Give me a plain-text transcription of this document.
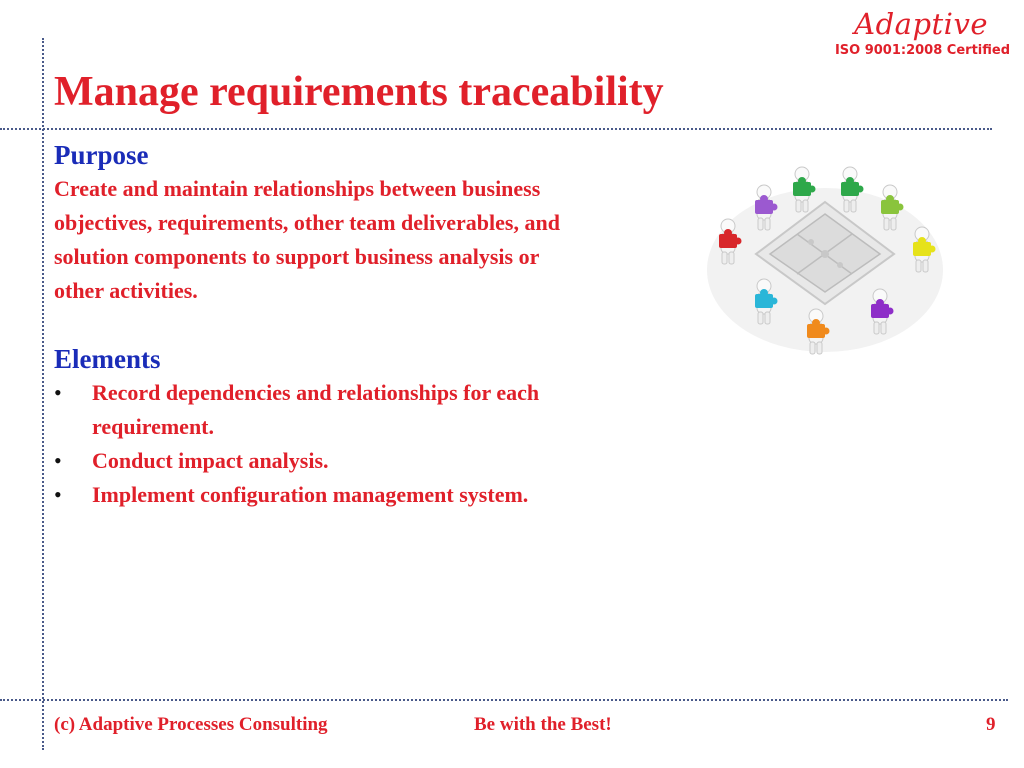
Adaptive
ISO 9001:2008 Certified
Manage requirements traceability
Purpose

Create and maintain relationships between business objectives, requirements, other team deliverables, and solution components to support business analysis or other activities.

Elements
• Record dependencies and relationships for each requirement.
• Conduct impact analysis.
• Implement configuration management system.
(c) Adaptive Processes Consulting	Be with the Best!	9
